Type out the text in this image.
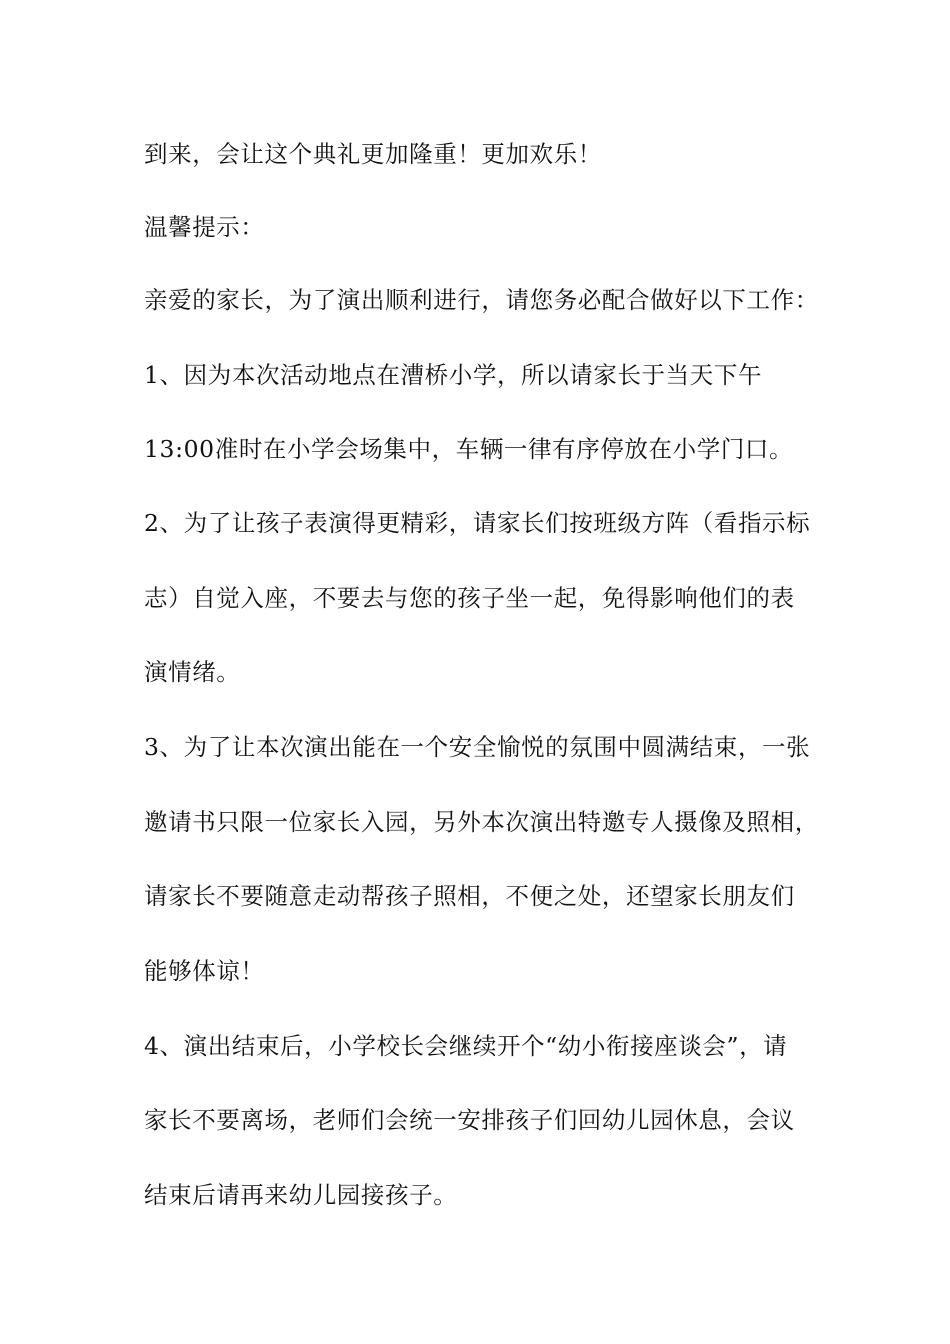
到来，会让这个典礼更加隆重！更加欢乐！
温馨提示：
亲爱的家长，为了演出顺利进行，请您务必配合做好以下工作：
1、因为本次活动地点在漕桥小学，所以请家长于当天下午
13:00准时在小学会场集中，车辆一律有序停放在小学门口。
2、为了让孩子表演得更精彩，请家长们按班级方阵（看指示标
志）自觉入座，不要去与您的孩子坐一起，免得影响他们的表
演情绪。
3、为了让本次演出能在一个安全愉悦的氛围中圆满结束，一张
邀请书只限一位家长入园，另外本次演出特邀专人摄像及照相，
请家长不要随意走动帮孩子照相，不便之处，还望家长朋友们
能够体谅！
4、演出结束后，小学校长会继续开个“幼小衔接座谈会”，请
家长不要离场，老师们会统一安排孩子们回幼儿园休息，会议
结束后请再来幼儿园接孩子。
